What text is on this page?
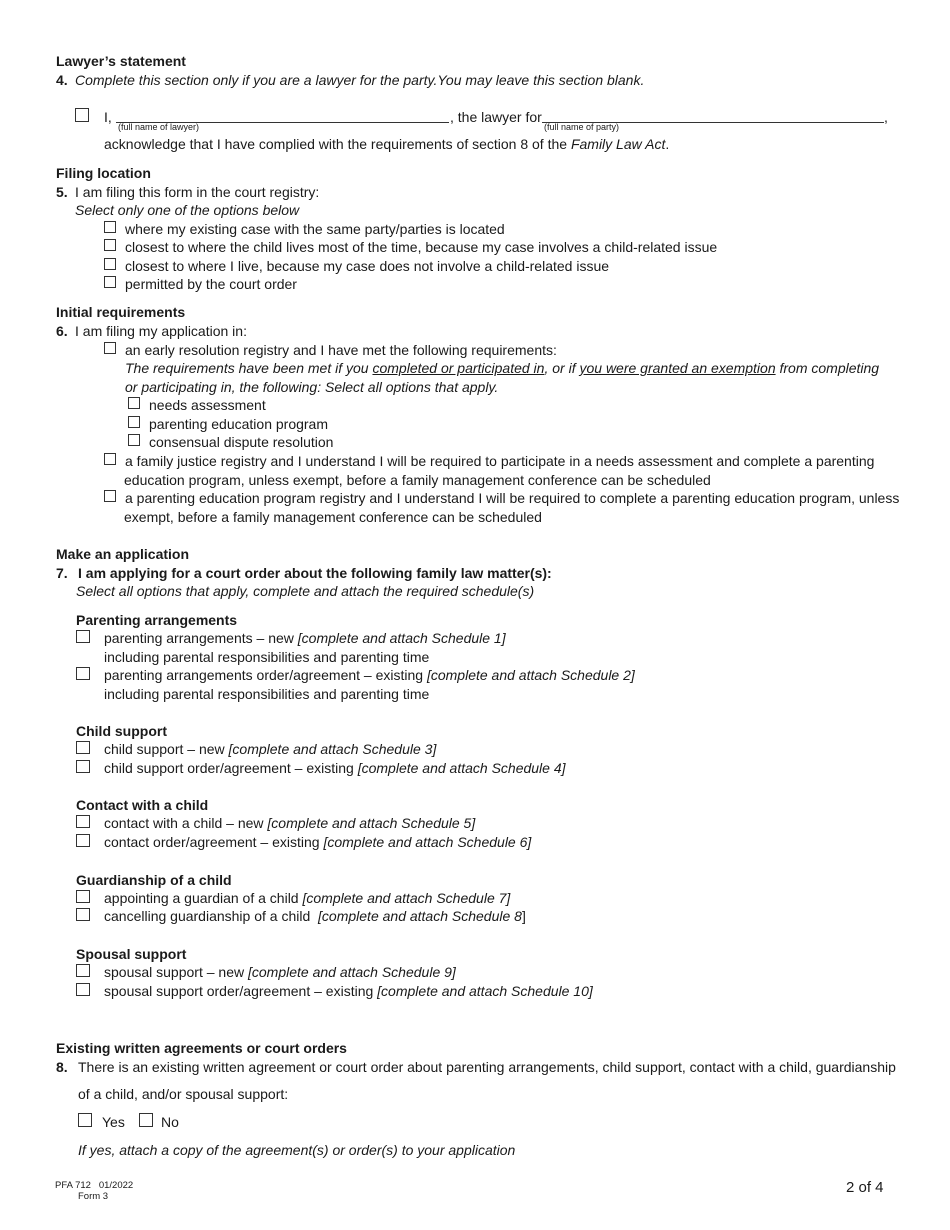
Lawyer’s statement
4. Complete this section only if you are a lawyer for the party.You may leave this section blank.
I,
(full name of lawyer)
, the lawyer for
(full name of party)
,
acknowledge that I have complied with the requirements of section 8 of the Family Law Act.
Filing location
5. I am filing this form in the court registry:
Select only one of the options below
where my existing case with the same party/parties is located
closest to where the child lives most of the time, because my case involves a child-related issue
closest to where I live, because my case does not involve a child-related issue
permitted by the court order
Initial requirements
6. I am filing my application in:
an early resolution registry and I have met the following requirements:
The requirements have been met if you completed or participated in, or if you were granted an exemption from completing
or participating in, the following: Select all options that apply.
needs assessment
parenting education program
consensual dispute resolution
a family justice registry and I understand I will be required to participate in a needs assessment and complete a parenting
education program, unless exempt, before a family management conference can be scheduled
a parenting education program registry and I understand I will be required to complete a parenting education program, unless
exempt, before a family management conference can be scheduled
Make an application
7. I am applying for a court order about the following family law matter(s):
Select all options that apply, complete and attach the required schedule(s)
Parenting arrangements
parenting arrangements – new [complete and attach Schedule 1]
including parental responsibilities and parenting time
parenting arrangements order/agreement – existing [complete and attach Schedule 2]
including parental responsibilities and parenting time
Child support
child support – new [complete and attach Schedule 3]
child support order/agreement – existing [complete and attach Schedule 4]
Contact with a child
contact with a child – new [complete and attach Schedule 5]
contact order/agreement – existing [complete and attach Schedule 6]
Guardianship of a child
appointing a guardian of a child [complete and attach Schedule 7]
cancelling guardianship of a child  [complete and attach Schedule 8]
Spousal support
spousal support – new [complete and attach Schedule 9]
spousal support order/agreement – existing [complete and attach Schedule 10]
Existing written agreements or court orders
8. There is an existing written agreement or court order about parenting arrangements, child support, contact with a child, guardianship
of a child, and/or spousal support:
Yes	No
If yes, attach a copy of the agreement(s) or order(s) to your application
PFA 712   01/2022
Form 3
2 of 4
